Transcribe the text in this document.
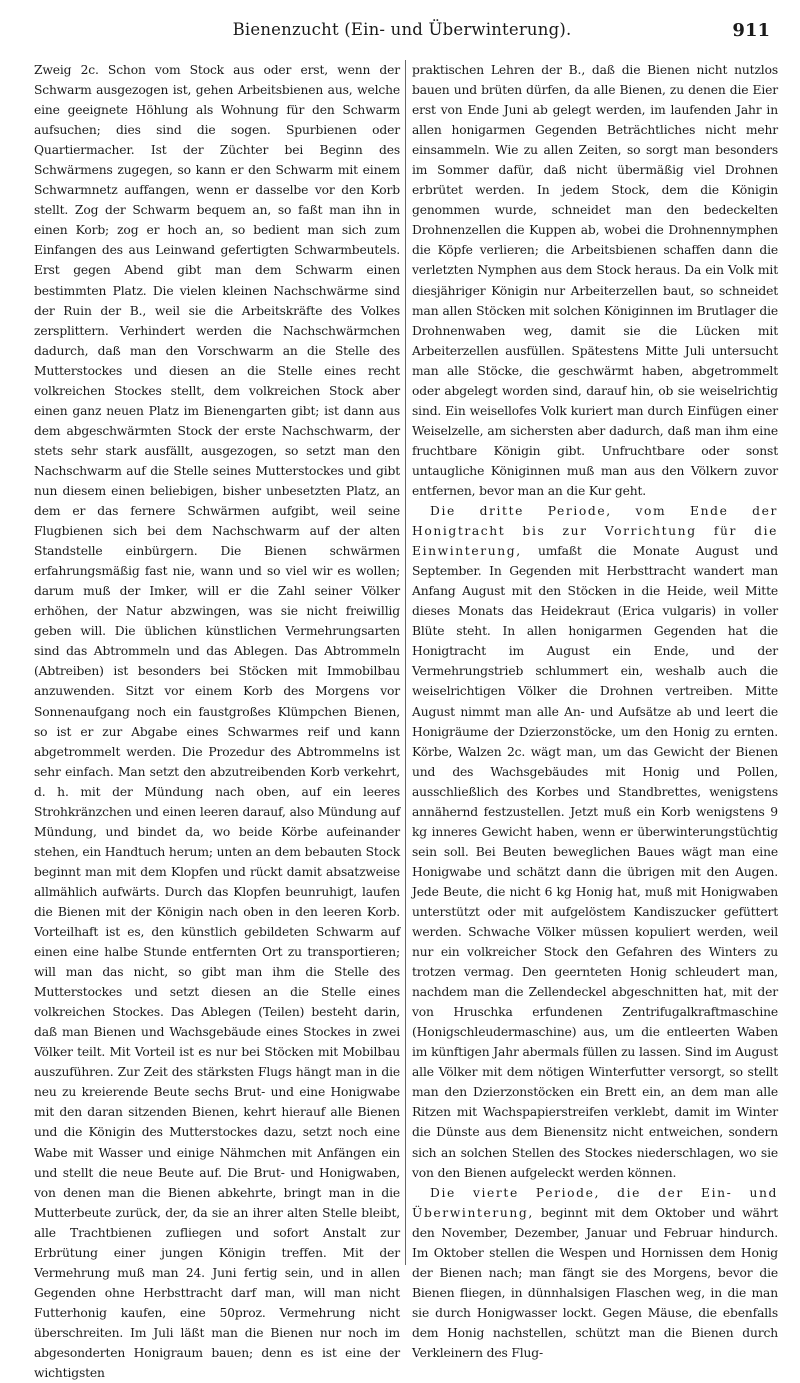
Bienenzucht (Ein- und Überwinterung).	911

Zweig 2c. Schon vom Stock aus oder erst, wenn der Schwarm ausgezogen ist, gehen Arbeitsbienen aus, welche eine geeignete Höhlung als Wohnung für den Schwarm aufsuchen; dies sind die sogen. Spurbienen oder Quartiermacher. Ist der Züchter bei Beginn des Schwärmens zugegen, so kann er den Schwarm mit einem Schwarmnetz auffangen, wenn er dasselbe vor den Korb stellt. Zog der Schwarm bequem an, so faßt man ihn in einen Korb; zog er hoch an, so bedient man sich zum Einfangen des aus Leinwand gefertigten Schwarmbeutels. Erst gegen Abend gibt man dem Schwarm einen bestimmten Platz. Die vielen kleinen Nachschwärme sind der Ruin der B., weil sie die Arbeitskräfte des Volkes zersplittern. Verhindert werden die Nachschwärmchen dadurch, daß man den Vorschwarm an die Stelle des Mutterstockes und diesen an die Stelle eines recht volkreichen Stockes stellt, dem volkreichen Stock aber einen ganz neuen Platz im Bienengarten gibt; ist dann aus dem abgeschwärmten Stock der erste Nachschwarm, der stets sehr stark ausfällt, ausgezogen, so setzt man den Nachschwarm auf die Stelle seines Mutterstockes und gibt nun diesem einen beliebigen, bisher unbesetzten Platz, an dem er das fernere Schwärmen aufgibt, weil seine Flugbienen sich bei dem Nachschwarm auf der alten Standstelle einbürgern. Die Bienen schwärmen erfahrungsmäßig fast nie, wann und so viel wir es wollen; darum muß der Imker, will er die Zahl seiner Völker erhöhen, der Natur abzwingen, was sie nicht freiwillig geben will. Die üblichen künstlichen Vermehrungsarten sind das Abtrommeln und das Ablegen. Das Abtrommeln (Abtreiben) ist besonders bei Stöcken mit Immobilbau anzuwenden. Sitzt vor einem Korb des Morgens vor Sonnenaufgang noch ein faustgroßes Klümpchen Bienen, so ist er zur Abgabe eines Schwarmes reif und kann abgetrommelt werden. Die Prozedur des Abtrommelns ist sehr einfach. Man setzt den abzutreibenden Korb verkehrt, d. h. mit der Mündung nach oben, auf ein leeres Strohkränzchen und einen leeren darauf, also Mündung auf Mündung, und bindet da, wo beide Körbe aufeinander stehen, ein Handtuch herum; unten an dem bebauten Stock beginnt man mit dem Klopfen und rückt damit absatzweise allmählich aufwärts. Durch das Klopfen beunruhigt, laufen die Bienen mit der Königin nach oben in den leeren Korb. Vorteilhaft ist es, den künstlich gebildeten Schwarm auf einen eine halbe Stunde entfernten Ort zu transportieren; will man das nicht, so gibt man ihm die Stelle des Mutterstockes und setzt diesen an die Stelle eines volkreichen Stockes. Das Ablegen (Teilen) besteht darin, daß man Bienen und Wachsgebäude eines Stockes in zwei Völker teilt. Mit Vorteil ist es nur bei Stöcken mit Mobilbau auszuführen. Zur Zeit des stärksten Flugs hängt man in die neu zu kreierende Beute sechs Brut- und eine Honigwabe mit den daran sitzenden Bienen, kehrt hierauf alle Bienen und die Königin des Mutterstockes dazu, setzt noch eine Wabe mit Wasser und einige Nähmchen mit Anfängen ein und stellt die neue Beute auf. Die Brut- und Honigwaben, von denen man die Bienen abkehrte, bringt man in die Mutterbeute zurück, der, da sie an ihrer alten Stelle bleibt, alle Trachtbienen zufliegen und sofort Anstalt zur Erbrütung einer jungen Königin treffen. Mit der Vermehrung muß man 24. Juni fertig sein, und in allen Gegenden ohne Herbsttracht darf man, will man nicht Futterhonig kaufen, eine 50proz. Vermehrung nicht überschreiten. Im Juli läßt man die Bienen nur noch im abgesonderten Honigraum bauen; denn es ist eine der wichtigsten

praktischen Lehren der B., daß die Bienen nicht nutzlos bauen und brüten dürfen, da alle Bienen, zu denen die Eier erst von Ende Juni ab gelegt werden, im laufenden Jahr in allen honigarmen Gegenden Beträchtliches nicht mehr einsammeln. Wie zu allen Zeiten, so sorgt man besonders im Sommer dafür, daß nicht übermäßig viel Drohnen erbrütet werden. In jedem Stock, dem die Königin genommen wurde, schneidet man den bedeckelten Drohnenzellen die Kuppen ab, wobei die Drohnennymphen die Köpfe verlieren; die Arbeitsbienen schaffen dann die verletzten Nymphen aus dem Stock heraus. Da ein Volk mit diesjähriger Königin nur Arbeiterzellen baut, so schneidet man allen Stöcken mit solchen Königinnen im Brutlager die Drohnenwaben weg, damit sie die Lücken mit Arbeiterzellen ausfüllen. Spätestens Mitte Juli untersucht man alle Stöcke, die geschwärmt haben, abgetrommelt oder abgelegt worden sind, darauf hin, ob sie weiselrichtig sind. Ein weisellofes Volk kuriert man durch Einfügen einer Weiselzelle, am sichersten aber dadurch, daß man ihm eine fruchtbare Königin gibt. Unfruchtbare oder sonst untaugliche Königinnen muß man aus den Völkern zuvor entfernen, bevor man an die Kur geht.

Die dritte Periode, vom Ende der Honigtracht bis zur Vorrichtung für die Einwinterung, umfaßt die Monate August und September. In Gegenden mit Herbsttracht wandert man Anfang August mit den Stöcken in die Heide, weil Mitte dieses Monats das Heidekraut (Erica vulgaris) in voller Blüte steht. In allen honigarmen Gegenden hat die Honigtracht im August ein Ende, und der Vermehrungstrieb schlummert ein, weshalb auch die weiselrichtigen Völker die Drohnen vertreiben. Mitte August nimmt man alle An- und Aufsätze ab und leert die Honigräume der Dzierzonstöcke, um den Honig zu ernten. Körbe, Walzen 2c. wägt man, um das Gewicht der Bienen und des Wachsgebäudes mit Honig und Pollen, ausschließlich des Korbes und Standbrettes, wenigstens annähernd festzustellen. Jetzt muß ein Korb wenigstens 9 kg inneres Gewicht haben, wenn er überwinterungstüchtig sein soll. Bei Beuten beweglichen Baues wägt man eine Honigwabe und schätzt dann die übrigen mit den Augen. Jede Beute, die nicht 6 kg Honig hat, muß mit Honigwaben unterstützt oder mit aufgelöstem Kandiszucker gefüttert werden. Schwache Völker müssen kopuliert werden, weil nur ein volkreicher Stock den Gefahren des Winters zu trotzen vermag. Den geernteten Honig schleudert man, nachdem man die Zellendeckel abgeschnitten hat, mit der von Hruschka erfundenen Zentrifugalkraftmaschine (Honigschleudermaschine) aus, um die entleerten Waben im künftigen Jahr abermals füllen zu lassen. Sind im August alle Völker mit dem nötigen Winterfutter versorgt, so stellt man den Dzierzonstöcken ein Brett ein, an dem man alle Ritzen mit Wachspapierstreifen verklebt, damit im Winter die Dünste aus dem Bienensitz nicht entweichen, sondern sich an solchen Stellen des Stockes niederschlagen, wo sie von den Bienen aufgeleckt werden können.

Die vierte Periode, die der Ein- und Überwinterung, beginnt mit dem Oktober und währt den November, Dezember, Januar und Februar hindurch. Im Oktober stellen die Wespen und Hornissen dem Honig der Bienen nach; man fängt sie des Morgens, bevor die Bienen fliegen, in dünnhalsigen Flaschen weg, in die man sie durch Honigwasser lockt. Gegen Mäuse, die ebenfalls dem Honig nachstellen, schützt man die Bienen durch Verkleinern des Flug-
